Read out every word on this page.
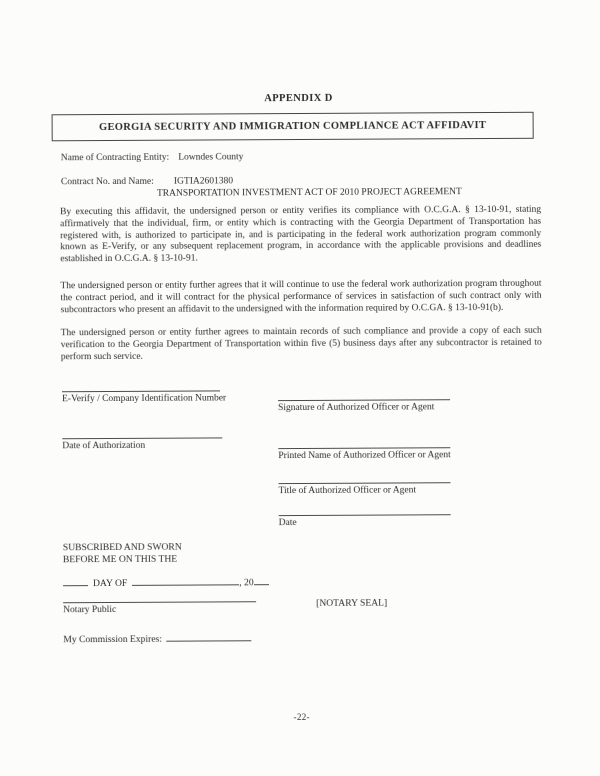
APPENDIX D
GEORGIA SECURITY AND IMMIGRATION COMPLIANCE ACT AFFIDAVIT
Name of Contracting Entity: Lowndes County
Contract No. and Name: IGTIA2601380
TRANSPORTATION INVESTMENT ACT OF 2010 PROJECT AGREEMENT
By executing this affidavit, the undersigned person or entity verifies its compliance with O.C.G.A. § 13-10-91, stating affirmatively that the individual, firm, or entity which is contracting with the Georgia Department of Transportation has registered with, is authorized to participate in, and is participating in the federal work authorization program commonly known as E-Verify, or any subsequent replacement program, in accordance with the applicable provisions and deadlines established in O.C.G.A. § 13-10-91.
The undersigned person or entity further agrees that it will continue to use the federal work authorization program throughout the contract period, and it will contract for the physical performance of services in satisfaction of such contract only with subcontractors who present an affidavit to the undersigned with the information required by O.C.GA. § 13-10-91(b).
The undersigned person or entity further agrees to maintain records of such compliance and provide a copy of each such verification to the Georgia Department of Transportation within five (5) business days after any subcontractor is retained to perform such service.
E-Verify / Company Identification Number
Date of Authorization
Signature of Authorized Officer or Agent
Printed Name of Authorized Officer or Agent
Title of Authorized Officer or Agent
Date
SUBSCRIBED AND SWORN
BEFORE ME ON THIS THE
DAY OF	, 20
Notary Public
[NOTARY SEAL]
My Commission Expires:
-22-
